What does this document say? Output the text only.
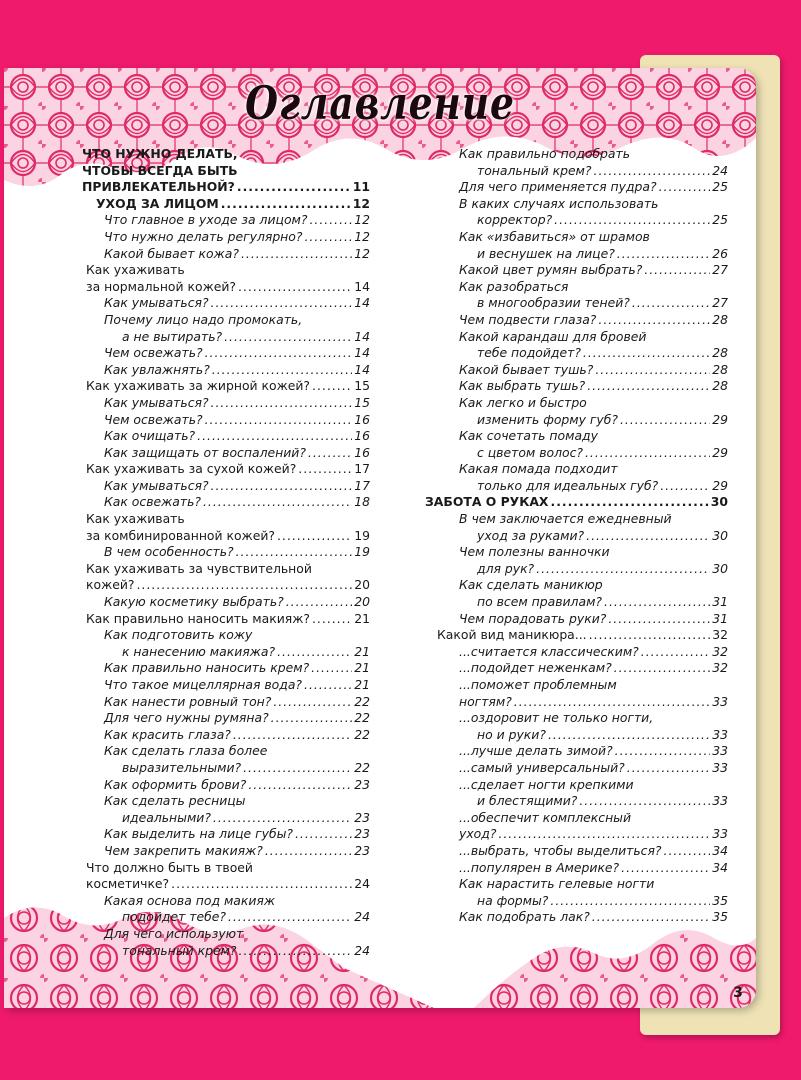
Оглавление
ЧТО НУЖНО ДЕЛАТЬ,
ЧТОБЫ ВСЕГДА БЫТЬ
ПРИВЛЕКАТЕЛЬНОЙ? .....	11
УХОД ЗА ЛИЦОМ .....	12
Что главное в уходе за лицом? .....	12
Что нужно делать регулярно? .....	12
Какой бывает кожа? .....	12
Как ухаживать
за нормальной кожей? .....	14
Как умываться? .....	14
Почему лицо надо промокать,
а не вытирать? .....	14
Чем освежать? .....	14
Как увлажнять? .....	14
Как ухаживать за жирной кожей? .....	15
Как умываться? .....	15
Чем освежать? .....	16
Как очищать? .....	16
Как защищать от воспалений? .....	16
Как ухаживать за сухой кожей? .....	17
Как умываться? .....	17
Как освежать? .....	18
Как ухаживать
за комбинированной кожей? .....	19
В чем особенность? .....	19
Как ухаживать за чувствительной
кожей? .....	20
Какую косметику выбрать? .....	20
Как правильно наносить макияж? .....	21
Как подготовить кожу
к нанесению макияжа? .....	21
Как правильно наносить крем? .....	21
Что такое мицеллярная вода? .....	21
Как нанести ровный тон? .....	22
Для чего нужны румяна? .....	22
Как красить глаза? .....	22
Как сделать глаза более
выразительными? .....	22
Как оформить брови? .....	23
Как сделать ресницы
идеальными? .....	23
Как выделить на лице губы? .....	23
Чем закрепить макияж? .....	23
Что должно быть в твоей
косметичке? .....	24
Какая основа под макияж
подойдет тебе? .....	24
Для чего используют
тональный крем? .....	24
Как правильно подобрать
тональный крем? .....	24
Для чего применяется пудра? .....	25
В каких случаях использовать
корректор? .....	25
Как «избавиться» от шрамов
и веснушек на лице? .....	26
Какой цвет румян выбрать? .....	27
Как разобраться
в многообразии теней? .....	27
Чем подвести глаза? .....	28
Какой карандаш для бровей
тебе подойдет? .....	28
Какой бывает тушь? .....	28
Как выбрать тушь? .....	28
Как легко и быстро
изменить форму губ? .....	29
Как сочетать помаду
с цветом волос? .....	29
Какая помада подходит
только для идеальных губ? .....	29
ЗАБОТА О РУКАХ .....	30
В чем заключается ежедневный
уход за руками? .....	30
Чем полезны ванночки
для рук? .....	30
Как сделать маникюр
по всем правилам? .....	31
Чем порадовать руки? .....	31
Какой вид маникюра... .....	32
...считается классическим? .....	32
...подойдет неженкам? .....	32
...поможет проблемным
ногтям? .....	33
...оздоровит не только ногти,
но и руки? .....	33
...лучше делать зимой? .....	33
...самый универсальный? .....	33
...сделает ногти крепкими
и блестящими? .....	33
...обеспечит комплексный
уход? .....	33
...выбрать, чтобы выделиться? .....	34
...популярен в Америке? .....	34
Как нарастить гелевые ногти
на формы? .....	35
Как подобрать лак? .....	35
3
